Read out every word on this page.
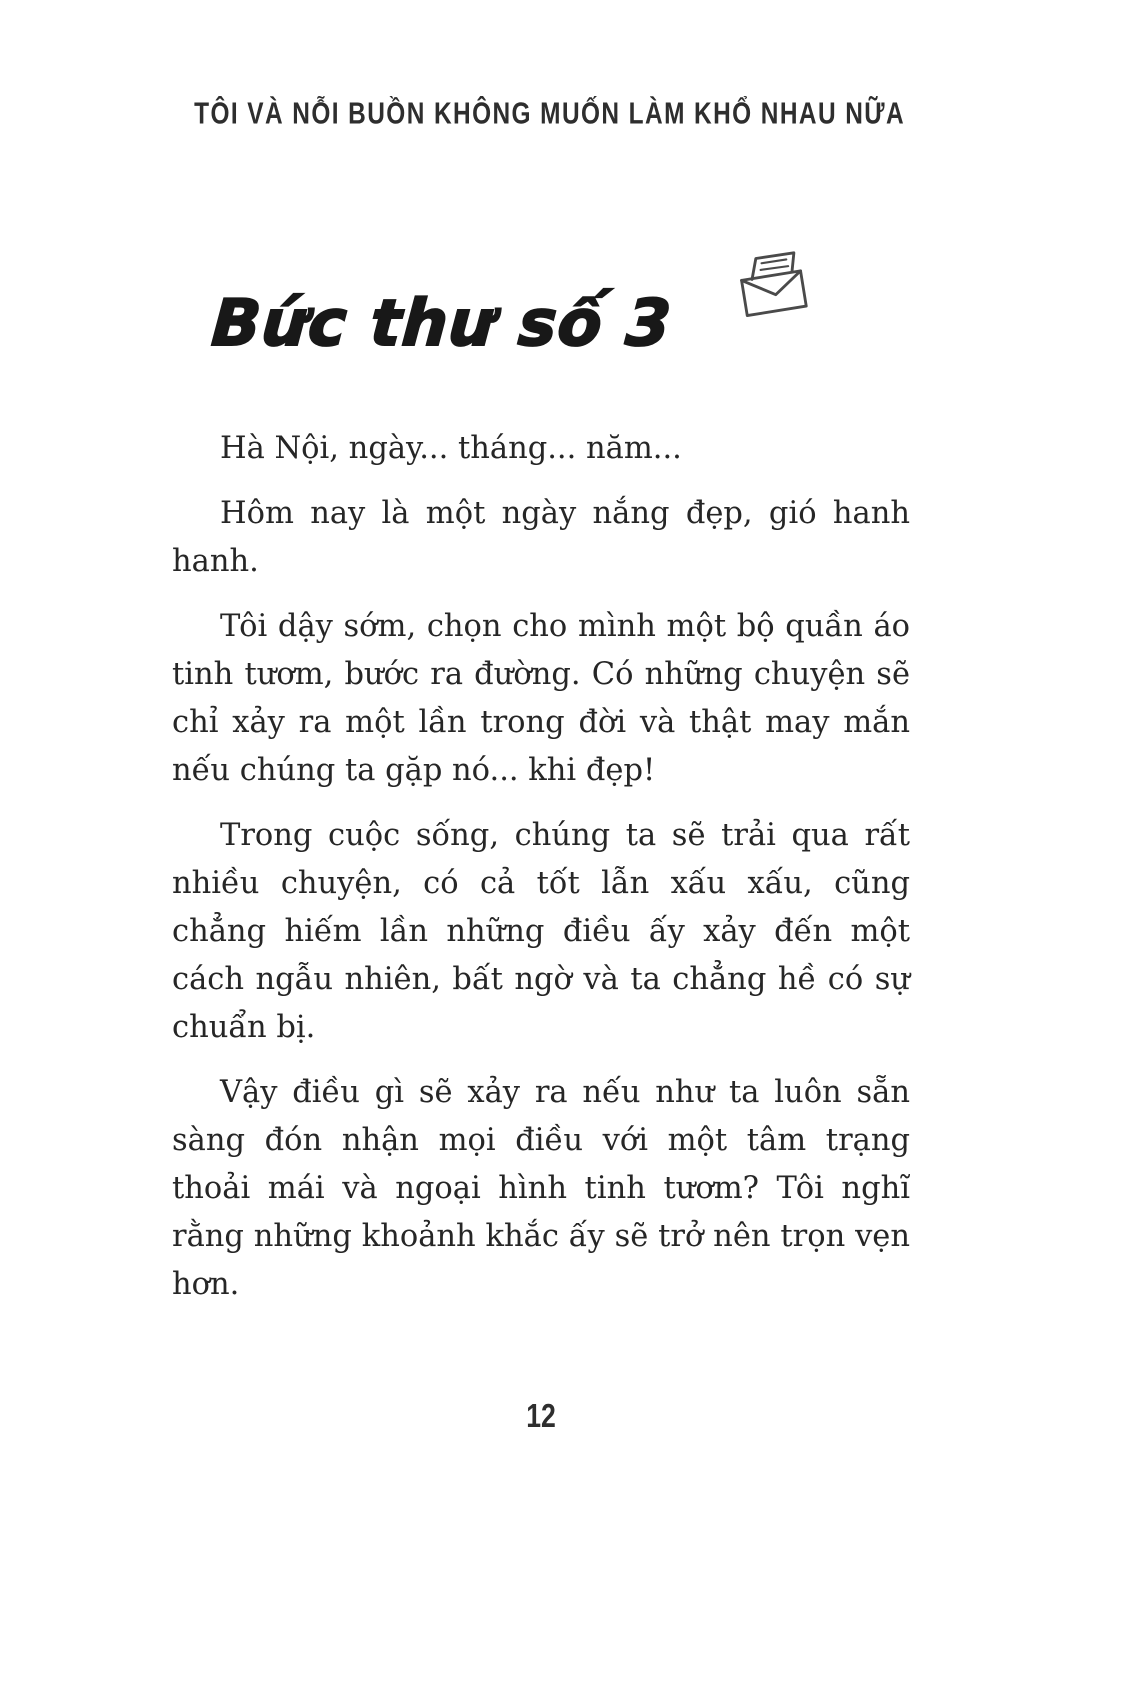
TÔI VÀ NỖI BUỒN KHÔNG MUỐN LÀM KHỔ NHAU NỮA
Bức thư số 3

Hà Nội, ngày... tháng... năm...

Hôm nay là một ngày nắng đẹp, gió hanh hanh.

Tôi dậy sớm, chọn cho mình một bộ quần áo tinh tươm, bước ra đường. Có những chuyện sẽ chỉ xảy ra một lần trong đời và thật may mắn nếu chúng ta gặp nó... khi đẹp!

Trong cuộc sống, chúng ta sẽ trải qua rất nhiều chuyện, có cả tốt lẫn xấu xấu, cũng chẳng hiếm lần những điều ấy xảy đến một cách ngẫu nhiên, bất ngờ và ta chẳng hề có sự chuẩn bị.

Vậy điều gì sẽ xảy ra nếu như ta luôn sẵn sàng đón nhận mọi điều với một tâm trạng thoải mái và ngoại hình tinh tươm? Tôi nghĩ rằng những khoảnh khắc ấy sẽ trở nên trọn vẹn hơn.

12
